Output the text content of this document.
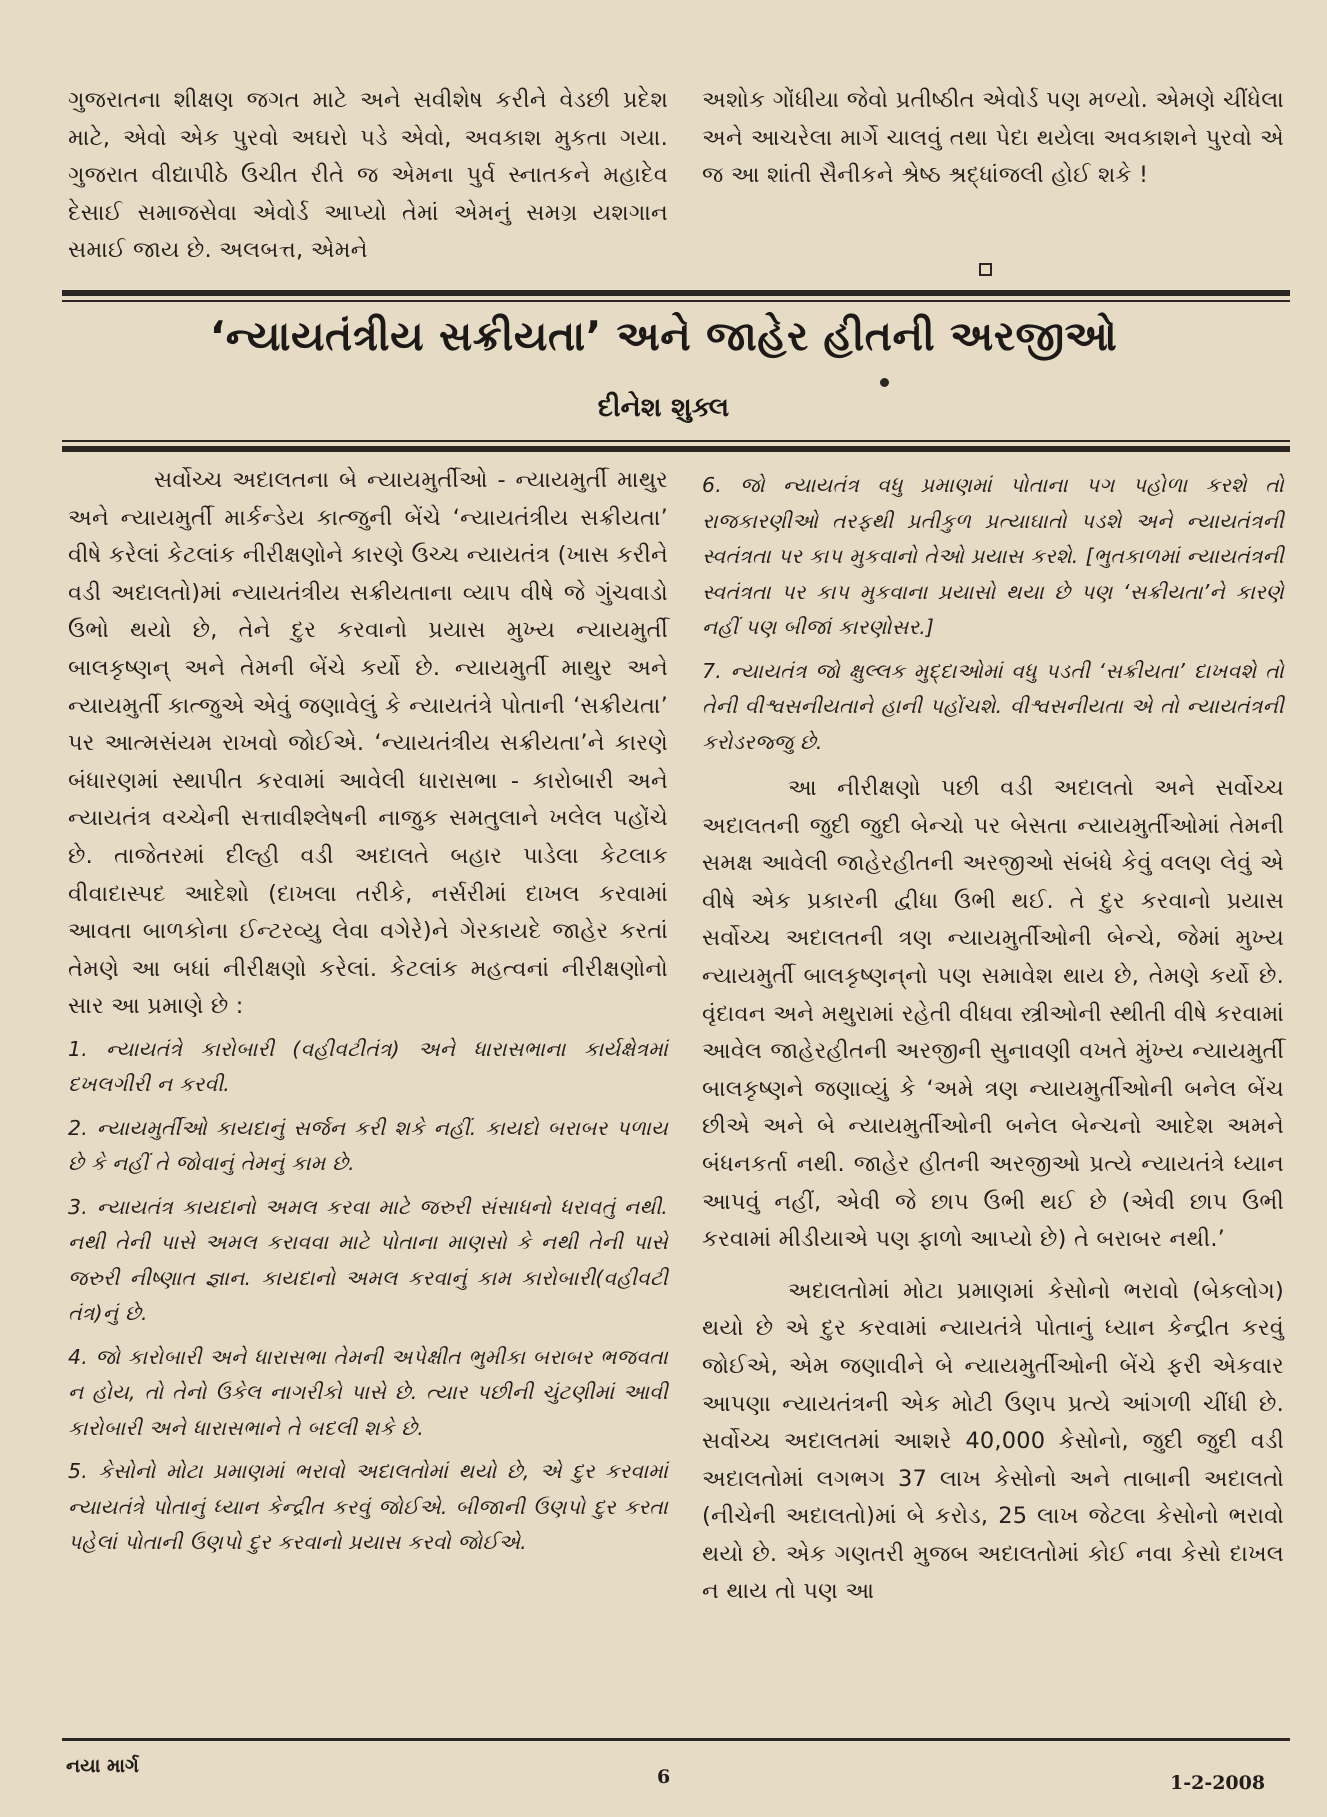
ગુજરાતના શીક્ષણ જગત માટે અને સવીશેષ કરીને વેડછી પ્રદેશ માટે, એવો એક પુરવો અઘરો પડે એવો, અવકાશ મુકતા ગયા. ગુજરાત વીદ્યાપીઠે ઉચીત રીતે જ એમના પુર્વ સ્નાતકને મહાદેવ દેસાઈ સમાજસેવા એવોર્ડ આપ્યો તેમાં એમનું સમગ્ર યશગાન સમાઈ જાય છે. અલબત્ત, એમને

અશોક ગોંધીયા જેવો પ્રતીષ્ઠીત એવોર્ડ પણ મળ્યો. એમણે ચીંધેલા અને આચરેલા માર્ગે ચાલવું તથા પેદા થયેલા અવકાશને પુરવો એ જ આ શાંતી સૈનીકને શ્રેષ્ઠ શ્રદ્ધાંજલી હોઈ શકે !

‘ન્યાયતંત્રીય સક્રીયતા’ અને જાહેર હીતની અરજીઓ
દીનેશ શુક્લ

સર્વોચ્ચ અદાલતના બે ન્યાયમુર્તીઓ - ન્યાયમુર્તી માથુર અને ન્યાયમુર્તી માર્કન્ડેય કાત્જુની બેંચે ‘ન્યાયતંત્રીય સક્રીયતા’ વીષે કરેલાં કેટલાંક નીરીક્ષણોને કારણે ઉચ્ચ ન્યાયતંત્ર (ખાસ કરીને વડી અદાલતો)માં ન્યાયતંત્રીય સક્રીયતાના વ્યાપ વીષે જે ગુંચવાડો ઉભો થયો છે, તેને દુર કરવાનો પ્રયાસ મુખ્ય ન્યાયમુર્તી બાલકૃષ્ણન્ અને તેમની બેંચે કર્યો છે. ન્યાયમુર્તી માથુર અને ન્યાયમુર્તી કાત્જુએ એવું જણાવેલું કે ન્યાયતંત્રે પોતાની ‘સક્રીયતા’ પર આત્મસંયમ રાખવો જોઈએ. ‘ન્યાયતંત્રીય સક્રીયતા’ને કારણે બંધારણમાં સ્થાપીત કરવામાં આવેલી ધારાસભા - કારોબારી અને ન્યાયતંત્ર વચ્ચેની સત્તાવીશ્લેષની નાજુક સમતુલાને ખલેલ પહોંચે છે. તાજેતરમાં દીલ્હી વડી અદાલતે બહાર પાડેલા કેટલાક વીવાદાસ્પદ આદેશો (દાખલા તરીકે, નર્સરીમાં દાખલ કરવામાં આવતા બાળકોના ઈન્ટરવ્યુ લેવા વગેરે)ને ગેરકાયદે જાહેર કરતાં તેમણે આ બધાં નીરીક્ષણો કરેલાં. કેટલાંક મહત્વનાં નીરીક્ષણોનો સાર આ પ્રમાણે છે :

1. ન્યાયતંત્રે કારોબારી (વહીવટીતંત્ર) અને ધારાસભાના કાર્યક્ષેત્રમાં દખલગીરી ન કરવી.

2. ન્યાયમુર્તીઓ કાયદાનું સર્જન કરી શકે નહીં. કાયદો બરાબર પળાય છે કે નહીં તે જોવાનું તેમનું કામ છે.

3. ન્યાયતંત્ર કાયદાનો અમલ કરવા માટે જરુરી સંસાધનો ધરાવતું નથી. નથી તેની પાસે અમલ કરાવવા માટે પોતાના માણસો કે નથી તેની પાસે જરુરી નીષ્ણાત જ્ઞાન. કાયદાનો અમલ કરવાનું કામ કારોબારી(વહીવટી તંત્ર)નું છે.

4. જો કારોબારી અને ધારાસભા તેમની અપેક્ષીત ભુમીકા બરાબર ભજવતા ન હોય, તો તેનો ઉકેલ નાગરીકો પાસે છે. ત્યાર પછીની ચુંટણીમાં આવી કારોબારી અને ધારાસભાને તે બદલી શકે છે.

5. કેસોનો મોટા પ્રમાણમાં ભરાવો અદાલતોમાં થયો છે, એ દુર કરવામાં ન્યાયતંત્રે પોતાનું ધ્યાન કેન્દ્રીત કરવું જોઈએ. બીજાની ઉણપો દુર કરતા પહેલાં પોતાની ઉણપો દુર કરવાનો પ્રયાસ કરવો જોઈએ.

6. જો ન્યાયતંત્ર વધુ પ્રમાણમાં પોતાના પગ પહોળા કરશે તો રાજકારણીઓ તરફથી પ્રતીકુળ પ્રત્યાઘાતો પડશે અને ન્યાયતંત્રની સ્વતંત્રતા પર કાપ મુકવાનો તેઓ પ્રયાસ કરશે. [ભુતકાળમાં ન્યાયતંત્રની સ્વતંત્રતા પર કાપ મુકવાના પ્રયાસો થયા છે પણ ‘સક્રીયતા’ને કારણે નહીં પણ બીજાં કારણોસર.]

7. ન્યાયતંત્ર જો ક્ષુલ્લક મુદ્દાઓમાં વધુ પડતી ‘સક્રીયતા’ દાખવશે તો તેની વીશ્વસનીયતાને હાની પહોંચશે. વીશ્વસનીયતા એ તો ન્યાયતંત્રની કરોડરજ્જુ છે.

આ નીરીક્ષણો પછી વડી અદાલતો અને સર્વોચ્ચ અદાલતની જુદી જુદી બેન્ચો પર બેસતા ન્યાયમુર્તીઓમાં તેમની સમક્ષ આવેલી જાહેરહીતની અરજીઓ સંબંધે કેવું વલણ લેવું એ વીષે એક પ્રકારની દ્વીધા ઉભી થઈ. તે દુર કરવાનો પ્રયાસ સર્વોચ્ચ અદાલતની ત્રણ ન્યાયમુર્તીઓની બેન્ચે, જેમાં મુખ્ય ન્યાયમુર્તી બાલકૃષ્ણન્‌નો પણ સમાવેશ થાય છે, તેમણે કર્યો છે. વૃંદાવન અને મથુરામાં રહેતી વીધવા સ્ત્રીઓની સ્થીતી વીષે કરવામાં આવેલ જાહેરહીતની અરજીની સુનાવણી વખતે મુંખ્ય ન્યાયમુર્તી બાલકૃષ્ણને જણાવ્યું કે ‘અમે ત્રણ ન્યાયમુર્તીઓની બનેલ બેંચ છીએ અને બે ન્યાયમુર્તીઓની બનેલ બેન્ચનો આદેશ અમને બંધનકર્તા નથી. જાહેર હીતની અરજીઓ પ્રત્યે ન્યાયતંત્રે ધ્યાન આપવું નહીં, એવી જે છાપ ઉભી થઈ છે (એવી છાપ ઉભી કરવામાં મીડીયાએ પણ ફાળો આપ્યો છે) તે બરાબર નથી.’

અદાલતોમાં મોટા પ્રમાણમાં કેસોનો ભરાવો (બેકલોગ) થયો છે એ દુર કરવામાં ન્યાયતંત્રે પોતાનું ધ્યાન કેન્દ્રીત કરવું જોઈએ, એમ જણાવીને બે ન્યાયમુર્તીઓની બેંચે ફરી એકવાર આપણા ન્યાયતંત્રની એક મોટી ઉણપ પ્રત્યે આંગળી ચીંધી છે. સર્વોચ્ચ અદાલતમાં આશરે 40,000 કેસોનો, જુદી જુદી વડી અદાલતોમાં લગભગ 37 લાખ કેસોનો અને તાબાની અદાલતો (નીચેની અદાલતો)માં બે કરોડ, 25 લાખ જેટલા કેસોનો ભરાવો થયો છે. એક ગણતરી મુજબ અદાલતોમાં કોઈ નવા કેસો દાખલ ન થાય તો પણ આ

નયા માર્ગ	6	1-2-2008
